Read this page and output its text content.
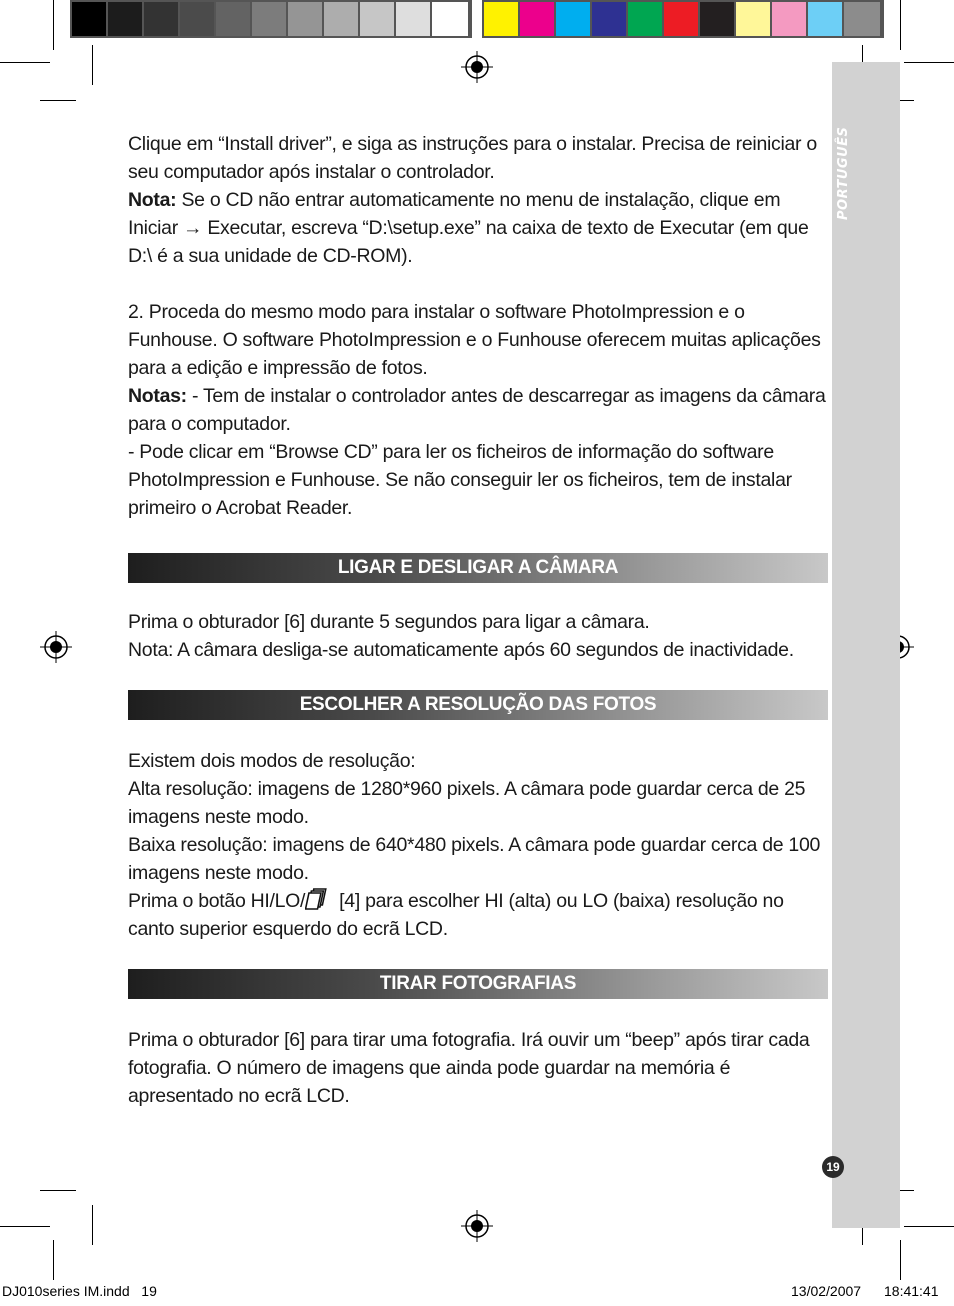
PORTUGUÊS
19

Clique em “Install driver”, e siga as instruções para o instalar. Precisa de reiniciar o seu computador após instalar o controlador.

Nota: Se o CD não entrar automaticamente no menu de instalação, clique em Iniciar → Executar, escreva “D:\setup.exe” na caixa de texto de Executar (em que D:\ é a sua unidade de CD-ROM).

2. Proceda do mesmo modo para instalar o software PhotoImpression e o Funhouse. O software PhotoImpression e o Funhouse oferecem muitas aplicações para a edição e impressão de fotos.

Notas: - Tem de instalar o controlador antes de descarregar as imagens da câmara para o computador.

- Pode clicar em “Browse CD” para ler os ficheiros de informação do software PhotoImpression e Funhouse. Se não conseguir ler os ficheiros, tem de instalar primeiro o Acrobat Reader.

LIGAR E DESLIGAR A CÂMARA

Prima o obturador [6] durante 5 segundos para ligar a câmara.

Nota: A câmara desliga-se automaticamente após 60 segundos de inactividade.

ESCOLHER A RESOLUÇÃO DAS FOTOS

Existem dois modos de resolução:

Alta resolução: imagens de 1280*960 pixels. A câmara pode guardar cerca de 25 imagens neste modo.

Baixa resolução: imagens de 640*480 pixels. A câmara pode guardar cerca de 100 imagens neste modo.

Prima o botão HI/LO/ [4] para escolher HI (alta) ou LO (baixa) resolução no canto superior esquerdo do ecrã LCD.

TIRAR FOTOGRAFIAS

Prima o obturador [6] para tirar uma fotografia. Irá ouvir um “beep” após tirar cada fotografia. O número de imagens que ainda pode guardar na memória é apresentado no ecrã LCD.

DJ010series IM.indd   19	13/02/2007 18:41:41
